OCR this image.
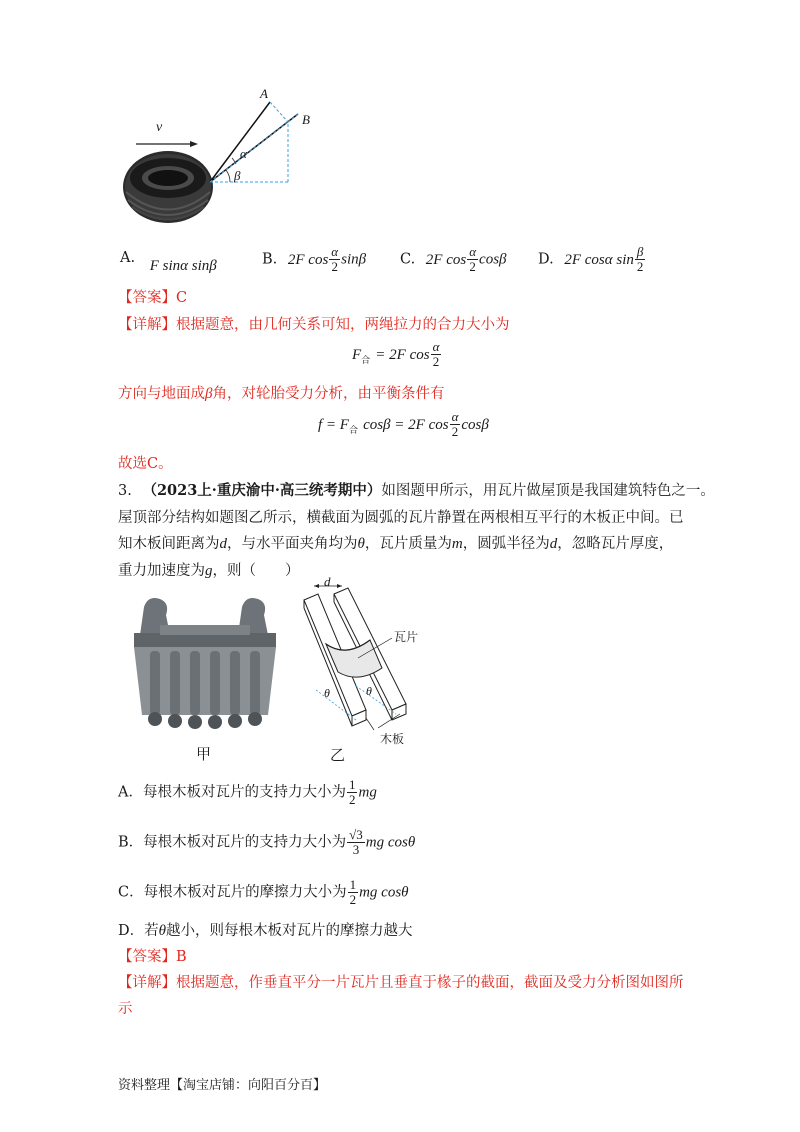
v
A
B
α
β
A. F sinα sinβ	B. 2F $\cos \frac{\alpha}{2}$ sinβ C. 2F $\cos \frac{\alpha}{2}$ cosβ D. 2F cosα $\sin \frac{\beta}{2}$
【答案】C
【详解】根据题意，由几何关系可知，两绳拉力的合力大小为
$F_合 = 2F$ $\cos \frac{\alpha}{2}$
方向与地面成β角，对轮胎受力分析，由平衡条件有
$f = F_合$ cosβ = 2F $\cos \frac{\alpha}{2}$ cosβ
故选C。
3. （2023上·重庆渝中·高三统考期中）如图题甲所示，用瓦片做屋顶是我国建筑特色之一。
屋顶部分结构如题图乙所示，横截面为圆弧的瓦片静置在两根相互平行的木板正中间。已
知木板间距离为d，与水平面夹角均为θ，瓦片质量为m，圆弧半径为d，忽略瓦片厚度，
重力加速度为g，则（　　）
甲
d
瓦片
θ	θ
木板
乙
A．每根木板对瓦片的支持力大小为 $\frac{1}{2}$ mg
B．每根木板对瓦片的支持力大小为 $\frac{√3}{3}$ mg cosθ
C．每根木板对瓦片的摩擦力大小为 $\frac{1}{2}$ mg cosθ
D．若θ越小，则每根木板对瓦片的摩擦力越大
【答案】B
【详解】根据题意，作垂直平分一片瓦片且垂直于椽子的截面，截面及受力分析图如图所
示
资料整理【淘宝店铺：向阳百分百】
